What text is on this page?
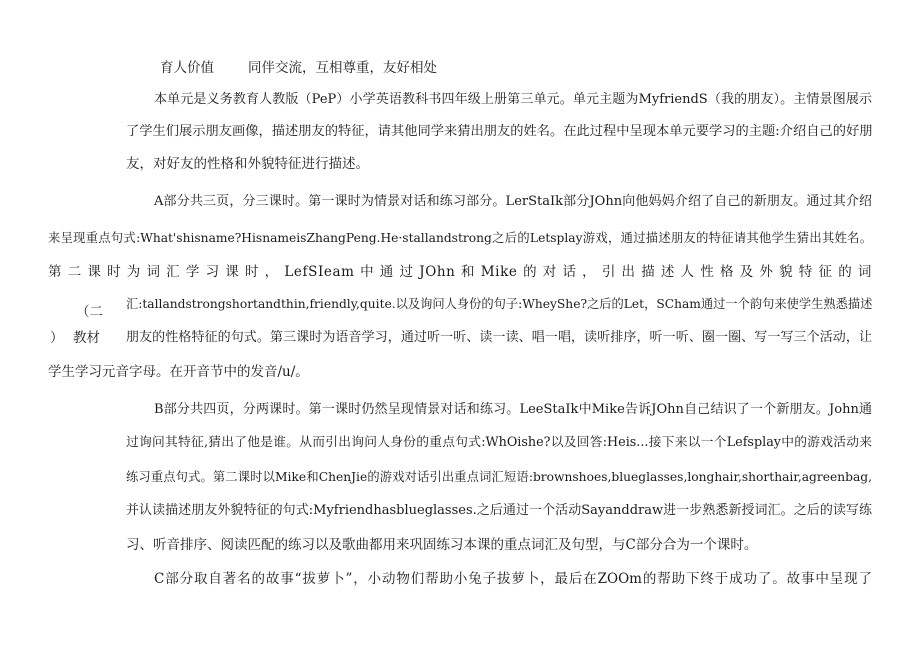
育人价值	同伴交流，互相尊重，友好相处
（二
） 教材
本单元是义务教育人教版（PeP）小学英语教科书四年级上册第三单元。单元主题为MyfriendS（我的朋友）。主情景图展示
了学生们展示朋友画像，描述朋友的特征，请其他同学来猜出朋友的姓名。在此过程中呈现本单元要学习的主题:介绍自己的好朋
友，对好友的性格和外貌特征进行描述。
A部分共三页，分三课时。第一课时为情景对话和练习部分。LerStaIk部分JOhn向他妈妈介绍了自己的新朋友。通过其介绍
来呈现重点句式:What'shisname?HisnameisZhangPeng.He·stallandstrong之后的Letsplay游戏，通过描述朋友的特征请其他学生猜出其姓名。
第二课时为词汇学习课时，LefSIeam中通过JOhn和Mike的对话，引出描述人性格及外貌特征的词
汇:tallandstrongshortandthin,friendly,quite.以及询问人身份的句子:WheyShe?之后的Let，SCham通过一个韵句来使学生熟悉描述
朋友的性格特征的句式。第三课时为语音学习，通过听一听、读一读、唱一唱，读听排序，听一听、圈一圈、写一写三个活动，让
学生学习元音字母。在开音节中的发音/u/。
B部分共四页，分两课时。第一课时仍然呈现情景对话和练习。LeeStaIk中Mike告诉JOhn自己结识了一个新朋友。John通
过询问其特征,猜出了他是谁。从而引出询问人身份的重点句式:WhOishe?以及回答:Heis...接下来以一个Lefsplay中的游戏活动来
练习重点句式。第二课时以Mike和ChenJie的游戏对话引出重点词汇短语:brownshoes,blueglasses,longhair,shorthair,agreenbag,
并认读描述朋友外貌特征的句式:Myfriendhasblueglasses.之后通过一个活动Sayanddraw进一步熟悉新授词汇。之后的读写练
习、听音排序、阅读匹配的练习以及歌曲都用来巩固练习本课的重点词汇及句型，与C部分合为一个课时。
C部分取自著名的故事“拔萝卜”，小动物们帮助小兔子拔萝卜，最后在ZOOm的帮助下终于成功了。故事中呈现了
